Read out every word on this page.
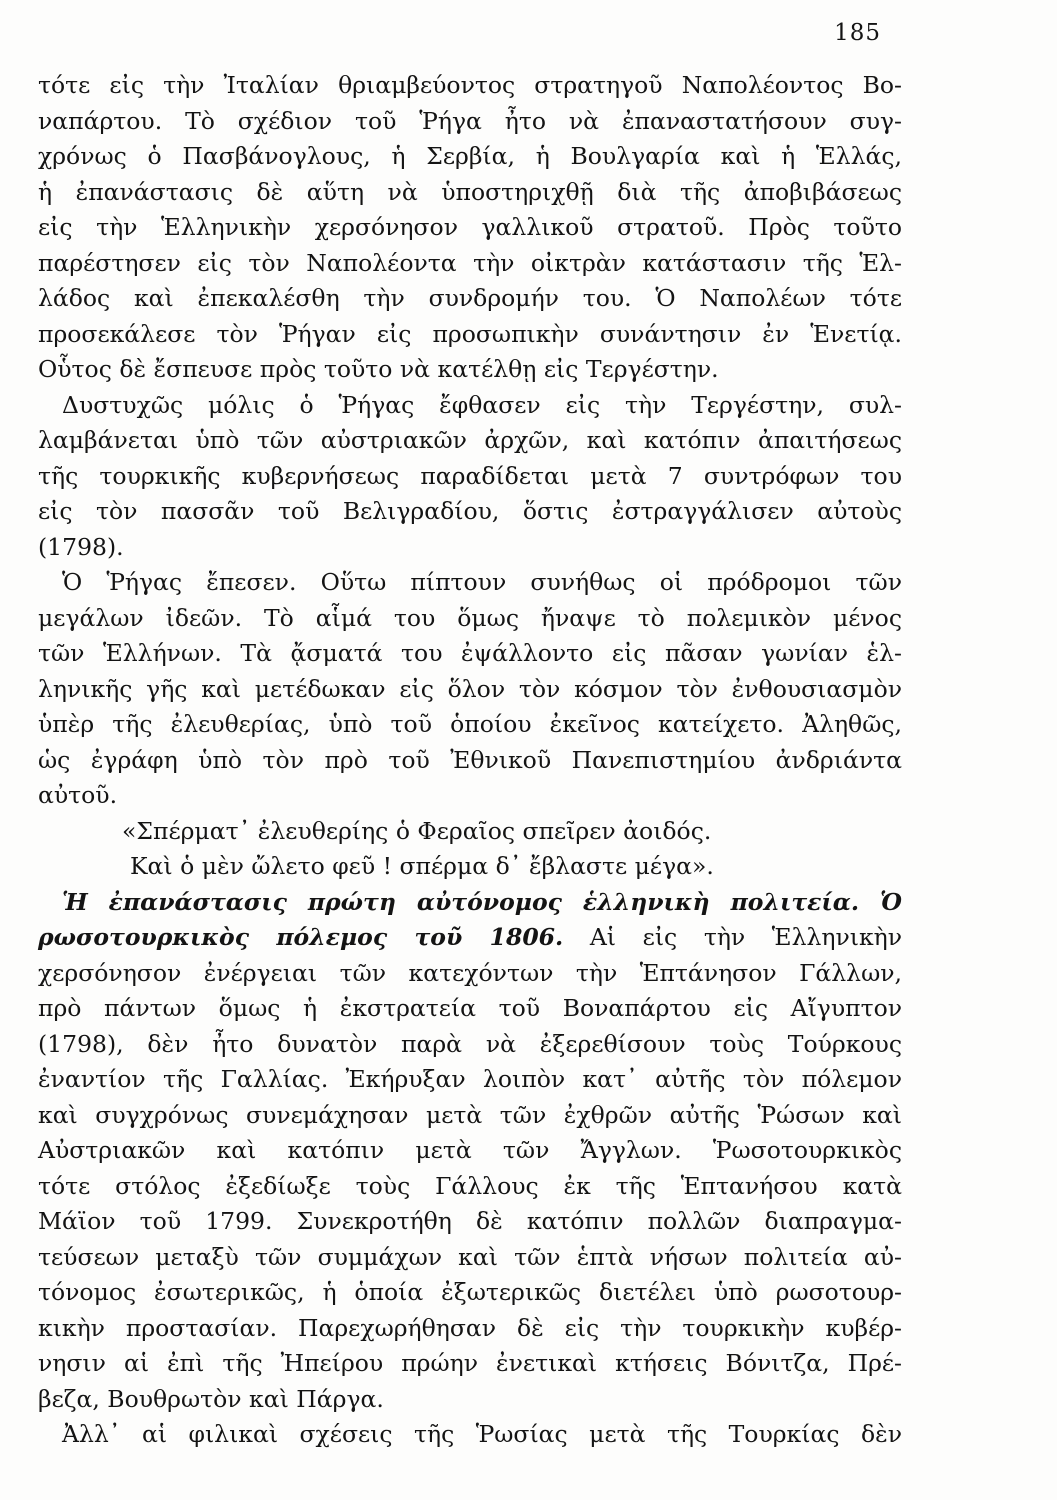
185
τότε εἰς τὴν Ἰταλίαν θριαμβεύοντος στρατηγοῦ Ναπολέοντος Βο-
ναπάρτου. Τὸ σχέδιον τοῦ Ῥήγα ἦτο νὰ ἐπαναστατήσουν συγ-
χρόνως ὁ Πασβάνογλους, ἡ Σερβία, ἡ Βουλγαρία καὶ ἡ Ἑλλάς,
ἡ ἐπανάστασις δὲ αὕτη νὰ ὑποστηριχθῇ διὰ τῆς ἀποβιβάσεως
εἰς τὴν Ἑλληνικὴν χερσόνησον γαλλικοῦ στρατοῦ. Πρὸς τοῦτο
παρέστησεν εἰς τὸν Ναπολέοντα τὴν οἰκτρὰν κατάστασιν τῆς Ἑλ-
λάδος καὶ ἐπεκαλέσθη τὴν συνδρομήν του. Ὁ Ναπολέων τότε
προσεκάλεσε τὸν Ῥήγαν εἰς προσωπικὴν συνάντησιν ἐν Ἑνετίᾳ.
Οὗτος δὲ ἔσπευσε πρὸς τοῦτο νὰ κατέλθῃ εἰς Τεργέστην.
Δυστυχῶς μόλις ὁ Ῥήγας ἔφθασεν εἰς τὴν Τεργέστην, συλ-
λαμβάνεται ὑπὸ τῶν αὐστριακῶν ἀρχῶν, καὶ κατόπιν ἀπαιτήσεως
τῆς τουρκικῆς κυβερνήσεως παραδίδεται μετὰ 7 συντρόφων του
εἰς τὸν πασσᾶν τοῦ Βελιγραδίου, ὅστις ἐστραγγάλισεν αὐτοὺς
(1798).
Ὁ Ῥήγας ἔπεσεν. Οὕτω πίπτουν συνήθως οἱ πρόδρομοι τῶν
μεγάλων ἰδεῶν. Τὸ αἷμά του ὅμως ἤναψε τὸ πολεμικὸν μένος
τῶν Ἑλλήνων. Τὰ ᾄσματά του ἐψάλλοντο εἰς πᾶσαν γωνίαν ἑλ-
ληνικῆς γῆς καὶ μετέδωκαν εἰς ὅλον τὸν κόσμον τὸν ἐνθουσιασμὸν
ὑπὲρ τῆς ἐλευθερίας, ὑπὸ τοῦ ὁποίου ἐκεῖνος κατείχετο. Ἀληθῶς,
ὡς ἐγράφη ὑπὸ τὸν πρὸ τοῦ Ἐθνικοῦ Πανεπιστημίου ἀνδριάντα
αὐτοῦ.
«Σπέρματ᾽ ἐλευθερίης ὁ Φεραῖος σπεῖρεν ἀοιδός.
Καὶ ὁ μὲν ὤλετο φεῦ ! σπέρμα δ᾽ ἔβλαστε μέγα».
Ἡ ἐπανάστασις πρώτη αὐτόνομος ἑλληνικὴ πολιτεία. Ὁ
ρωσοτουρκικὸς πόλεμος τοῦ 1806. Αἱ εἰς τὴν Ἑλληνικὴν
χερσόνησον ἐνέργειαι τῶν κατεχόντων τὴν Ἑπτάνησον Γάλλων,
πρὸ πάντων ὅμως ἡ ἐκστρατεία τοῦ Βοναπάρτου εἰς Αἴγυπτον
(1798), δὲν ἦτο δυνατὸν παρὰ νὰ ἐξερεθίσουν τοὺς Τούρκους
ἐναντίον τῆς Γαλλίας. Ἐκήρυξαν λοιπὸν κατ᾽ αὐτῆς τὸν πόλεμον
καὶ συγχρόνως συνεμάχησαν μετὰ τῶν ἐχθρῶν αὐτῆς Ῥώσων καὶ
Αὐστριακῶν καὶ κατόπιν μετὰ τῶν Ἄγγλων. Ῥωσοτουρκικὸς
τότε στόλος ἐξεδίωξε τοὺς Γάλλους ἐκ τῆς Ἑπτανήσου κατὰ
Μάϊον τοῦ 1799. Συνεκροτήθη δὲ κατόπιν πολλῶν διαπραγμα-
τεύσεων μεταξὺ τῶν συμμάχων καὶ τῶν ἑπτὰ νήσων πολιτεία αὐ-
τόνομος ἐσωτερικῶς, ἡ ὁποία ἐξωτερικῶς διετέλει ὑπὸ ρωσοτουρ-
κικὴν προστασίαν. Παρεχωρήθησαν δὲ εἰς τὴν τουρκικὴν κυβέρ-
νησιν αἱ ἐπὶ τῆς Ἠπείρου πρώην ἐνετικαὶ κτήσεις Βόνιτζα, Πρέ-
βεζα, Βουθρωτὸν καὶ Πάργα.
Ἀλλ᾽ αἱ φιλικαὶ σχέσεις τῆς Ῥωσίας μετὰ τῆς Τουρκίας δὲν
